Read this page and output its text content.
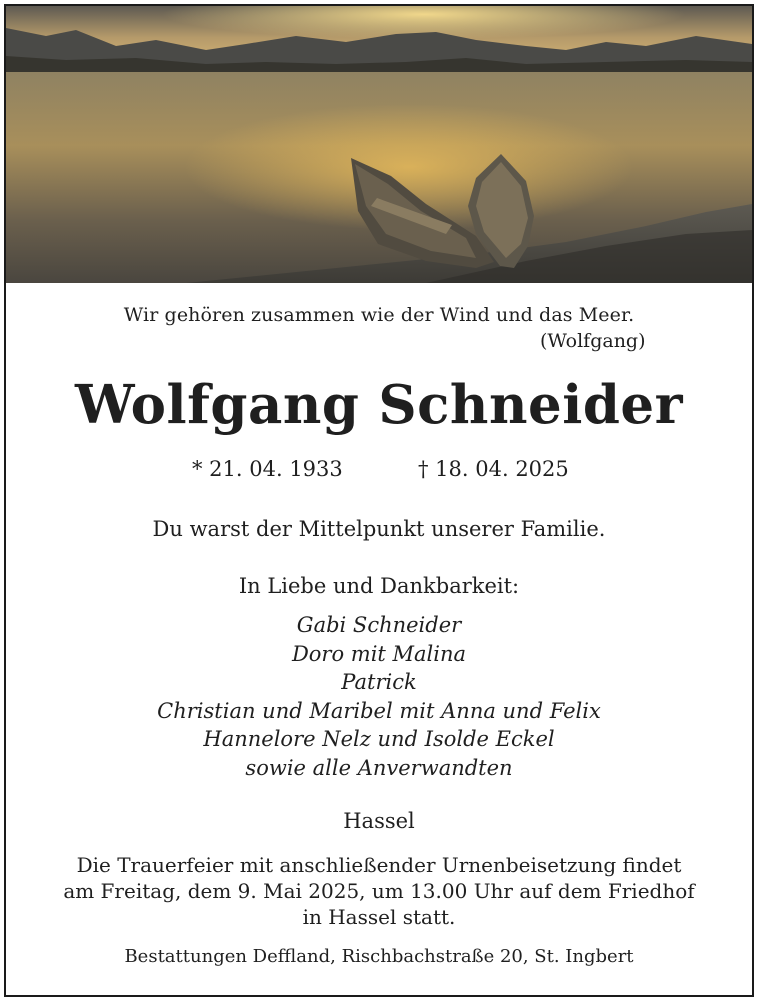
Wir gehören zusammen wie der Wind und das Meer.
(Wolfgang)
Wolfgang Schneider
* 21. 04. 1933	† 18. 04. 2025
Du warst der Mittelpunkt unserer Familie.
In Liebe und Dankbarkeit:
Gabi Schneider
Doro mit Malina
Patrick
Christian und Maribel mit Anna und Felix
Hannelore Nelz und Isolde Eckel
sowie alle Anverwandten
Hassel
Die Trauerfeier mit anschließender Urnenbeisetzung findet
am Freitag, dem 9. Mai 2025, um 13.00 Uhr auf dem Friedhof
in Hassel statt.
Bestattungen Deffland, Rischbachstraße 20, St. Ingbert
